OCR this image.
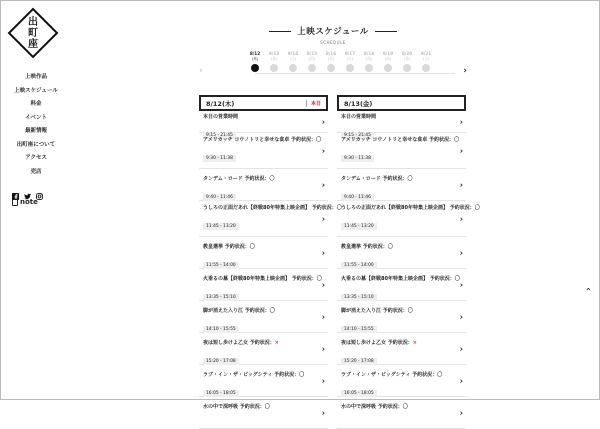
出
町
座
上映作品
上映スケジュール
料金
イベント
最新情報
出町座について
アクセス
売店
note
上映スケジュール
SCHEDULE
‹
8/12
(木)
8/13
(金)
8/14
(土)
8/15
(日)
8/16
(月)
8/17
(火)
8/18
(水)
8/19
(木)
8/20
(金)
8/21
(土)
›
8/12(木)	本日
本日の営業時間
9:15 - 21:45
›
アメリカッチ コウノトリと幸せな食卓 予約状況：〇
9:30 - 11:38
›
タンデム・ロード 予約状況：〇
9:40 - 11:46
›
うしろの正面だあれ【終戦80年特集上映企画】 予約状況：〇
11:45 - 13:20
›
教皇選挙 予約状況：〇
11:55 - 14:00
›
火垂るの墓【終戦80年特集上映企画】 予約状況：〇
13:35 - 15:10
›
脚が消えた入り江 予約状況：〇
14:10 - 15:55
›
夜は短し歩けよ乙女 予約状況：×
15:20 - 17:08
›
ラブ・イン・ザ・ビッグシティ 予約状況：〇
16:05 - 18:05
›
水の中で深呼吸 予約状況：〇
›
8/13(金)
本日の営業時間
9:15 - 21:45
›
アメリカッチ コウノトリと幸せな食卓 予約状況：〇
9:30 - 11:38
›
タンデム・ロード 予約状況：〇
9:40 - 11:46
›
うしろの正面だあれ【終戦80年特集上映企画】 予約状況：〇
11:45 - 13:20
›
教皇選挙 予約状況：〇
11:55 - 14:00
›
火垂るの墓【終戦80年特集上映企画】 予約状況：〇
13:35 - 15:10
›
脚が消えた入り江 予約状況：〇
14:10 - 15:55
›
夜は短し歩けよ乙女 予約状況：×
15:20 - 17:08
›
ラブ・イン・ザ・ビッグシティ 予約状況：〇
16:05 - 18:05
›
水の中で深呼吸 予約状況：〇
›
⌃
